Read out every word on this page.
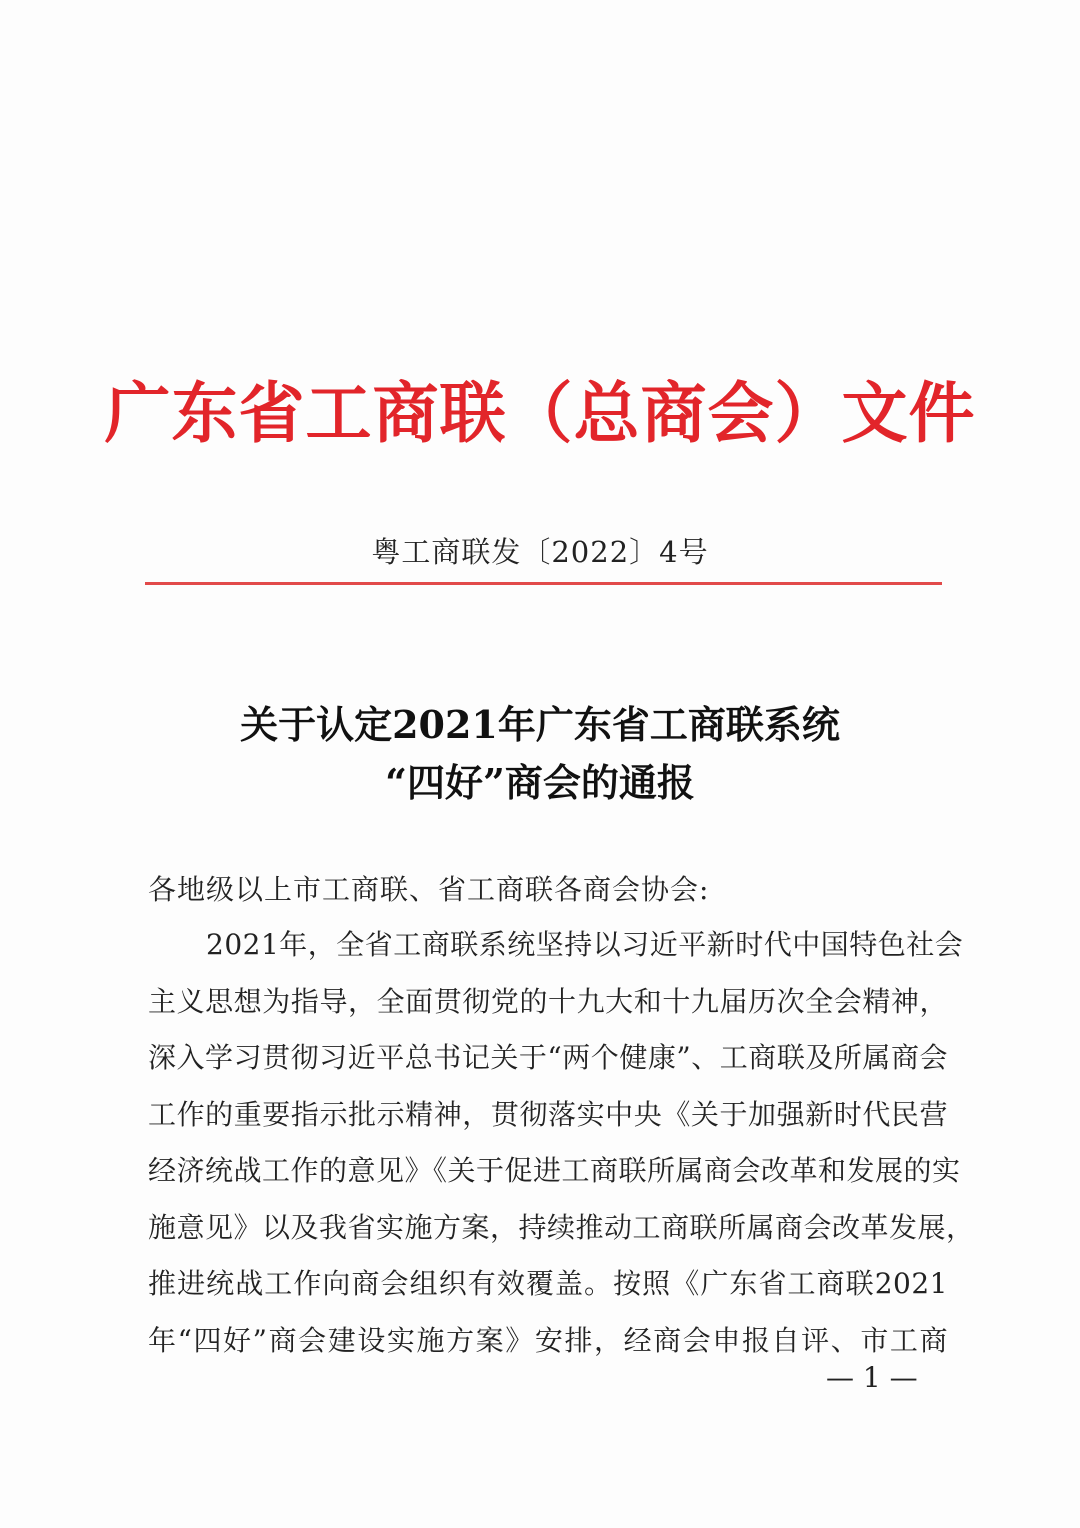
广东省工商联（总商会）文件
粤工商联发〔2022〕4号
关于认定2021年广东省工商联系统
“四好”商会的通报
各地级以上市工商联、省工商联各商会协会:
2021年，全省工商联系统坚持以习近平新时代中国特色社会
主义思想为指导，全面贯彻党的十九大和十九届历次全会精神，
深入学习贯彻习近平总书记关于“两个健康”、工商联及所属商会
工作的重要指示批示精神，贯彻落实中央《关于加强新时代民营
经济统战工作的意见》《关于促进工商联所属商会改革和发展的实
施意见》以及我省实施方案，持续推动工商联所属商会改革发展，
推进统战工作向商会组织有效覆盖。按照《广东省工商联2021
年“四好”商会建设实施方案》安排，经商会申报自评、市工商
— 1 —
